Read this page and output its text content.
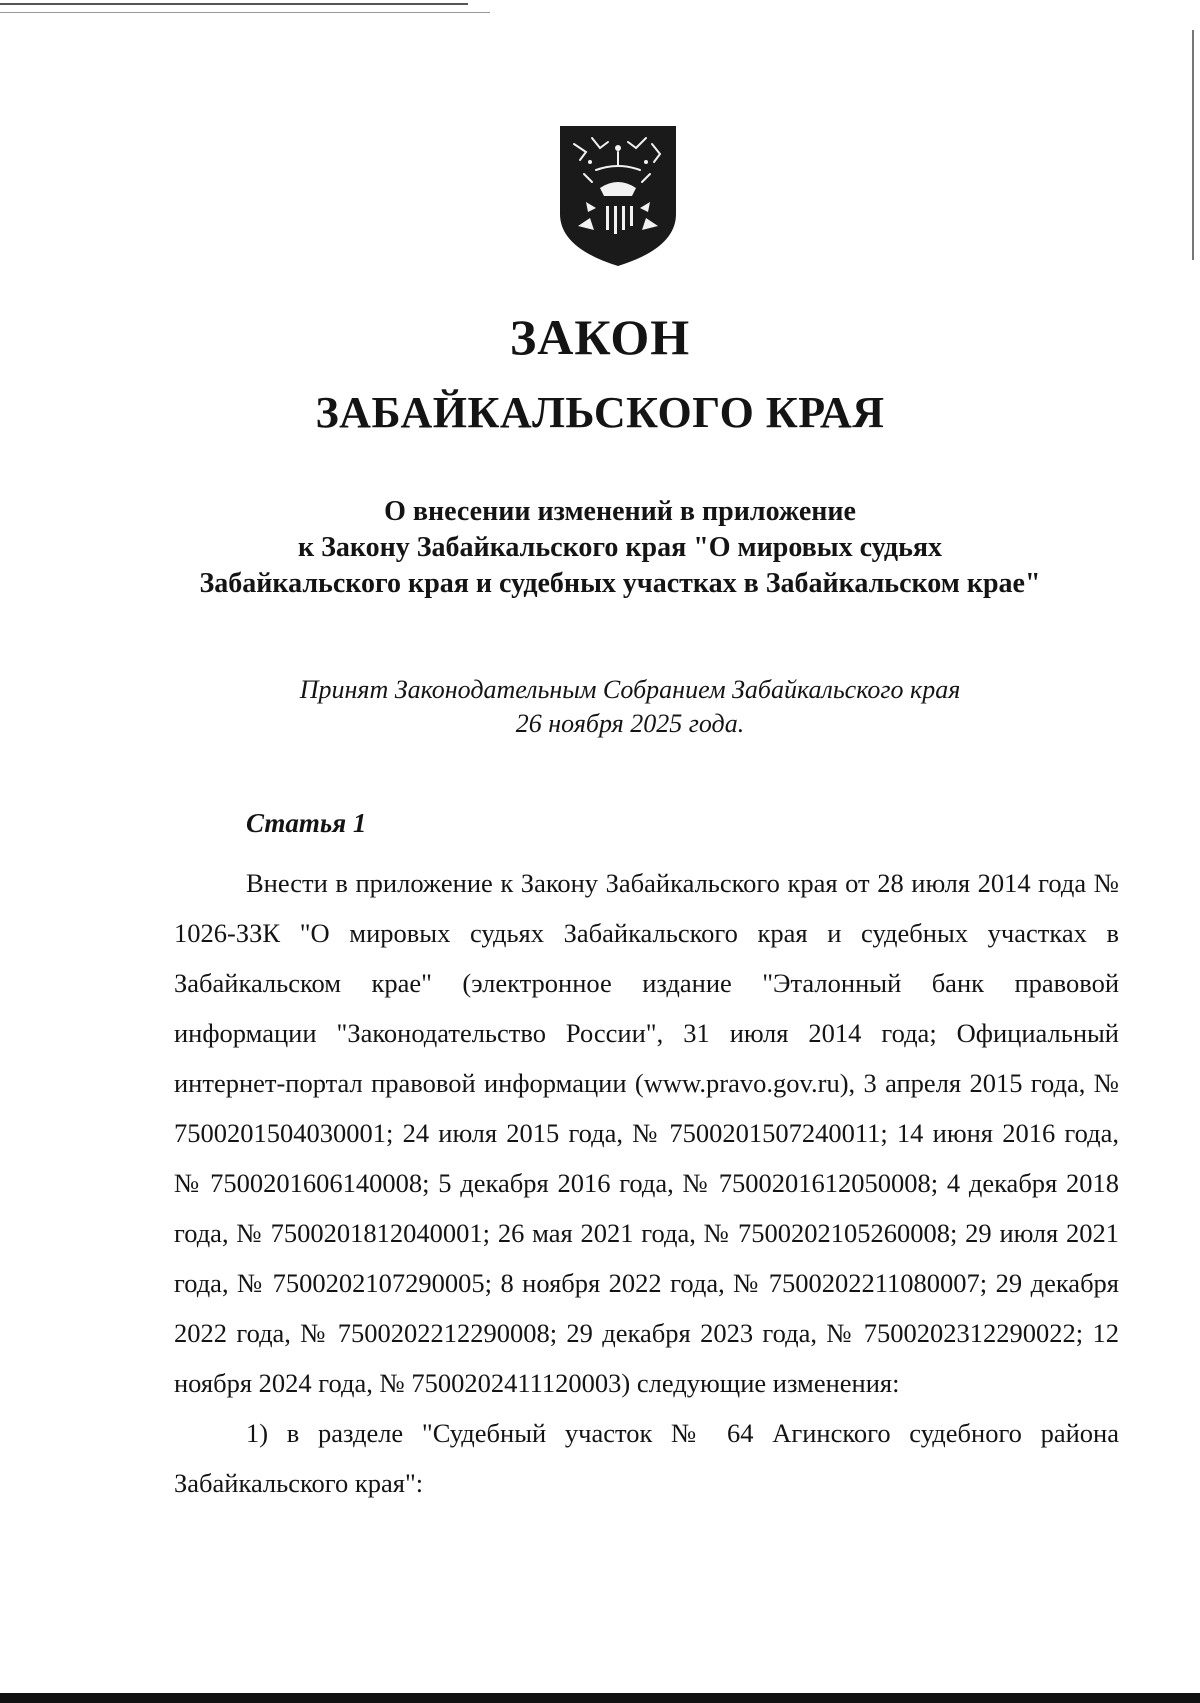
ЗАКОН
ЗАБАЙКАЛЬСКОГО КРАЯ
О внесении изменений в приложение
к Закону Забайкальского края "О мировых судьях
Забайкальского края и судебных участках в Забайкальском крае"
Принят Законодательным Собранием Забайкальского края
26 ноября 2025 года.
Статья 1

Внести в приложение к Закону Забайкальского края от 28 июля 2014 года № 1026-ЗЗК "О мировых судьях Забайкальского края и судебных участках в Забайкальском крае" (электронное издание "Эталонный банк правовой информации "Законодательство России", 31 июля 2014 года; Официальный интернет-портал правовой информации (www.pravo.gov.ru), 3 апреля 2015 года, № 7500201504030001; 24 июля 2015 года, № 7500201507240011; 14 июня 2016 года, № 7500201606140008; 5 декабря 2016 года, № 7500201612050008; 4 декабря 2018 года, № 7500201812040001; 26 мая 2021 года, № 7500202105260008; 29 июля 2021 года, № 7500202107290005; 8 ноября 2022 года, № 7500202211080007; 29 декабря 2022 года, № 7500202212290008; 29 декабря 2023 года, № 7500202312290022; 12 ноября 2024 года, № 7500202411120003) следующие изменения:

1) в разделе "Судебный участок № 64 Агинского судебного района Забайкальского края":
